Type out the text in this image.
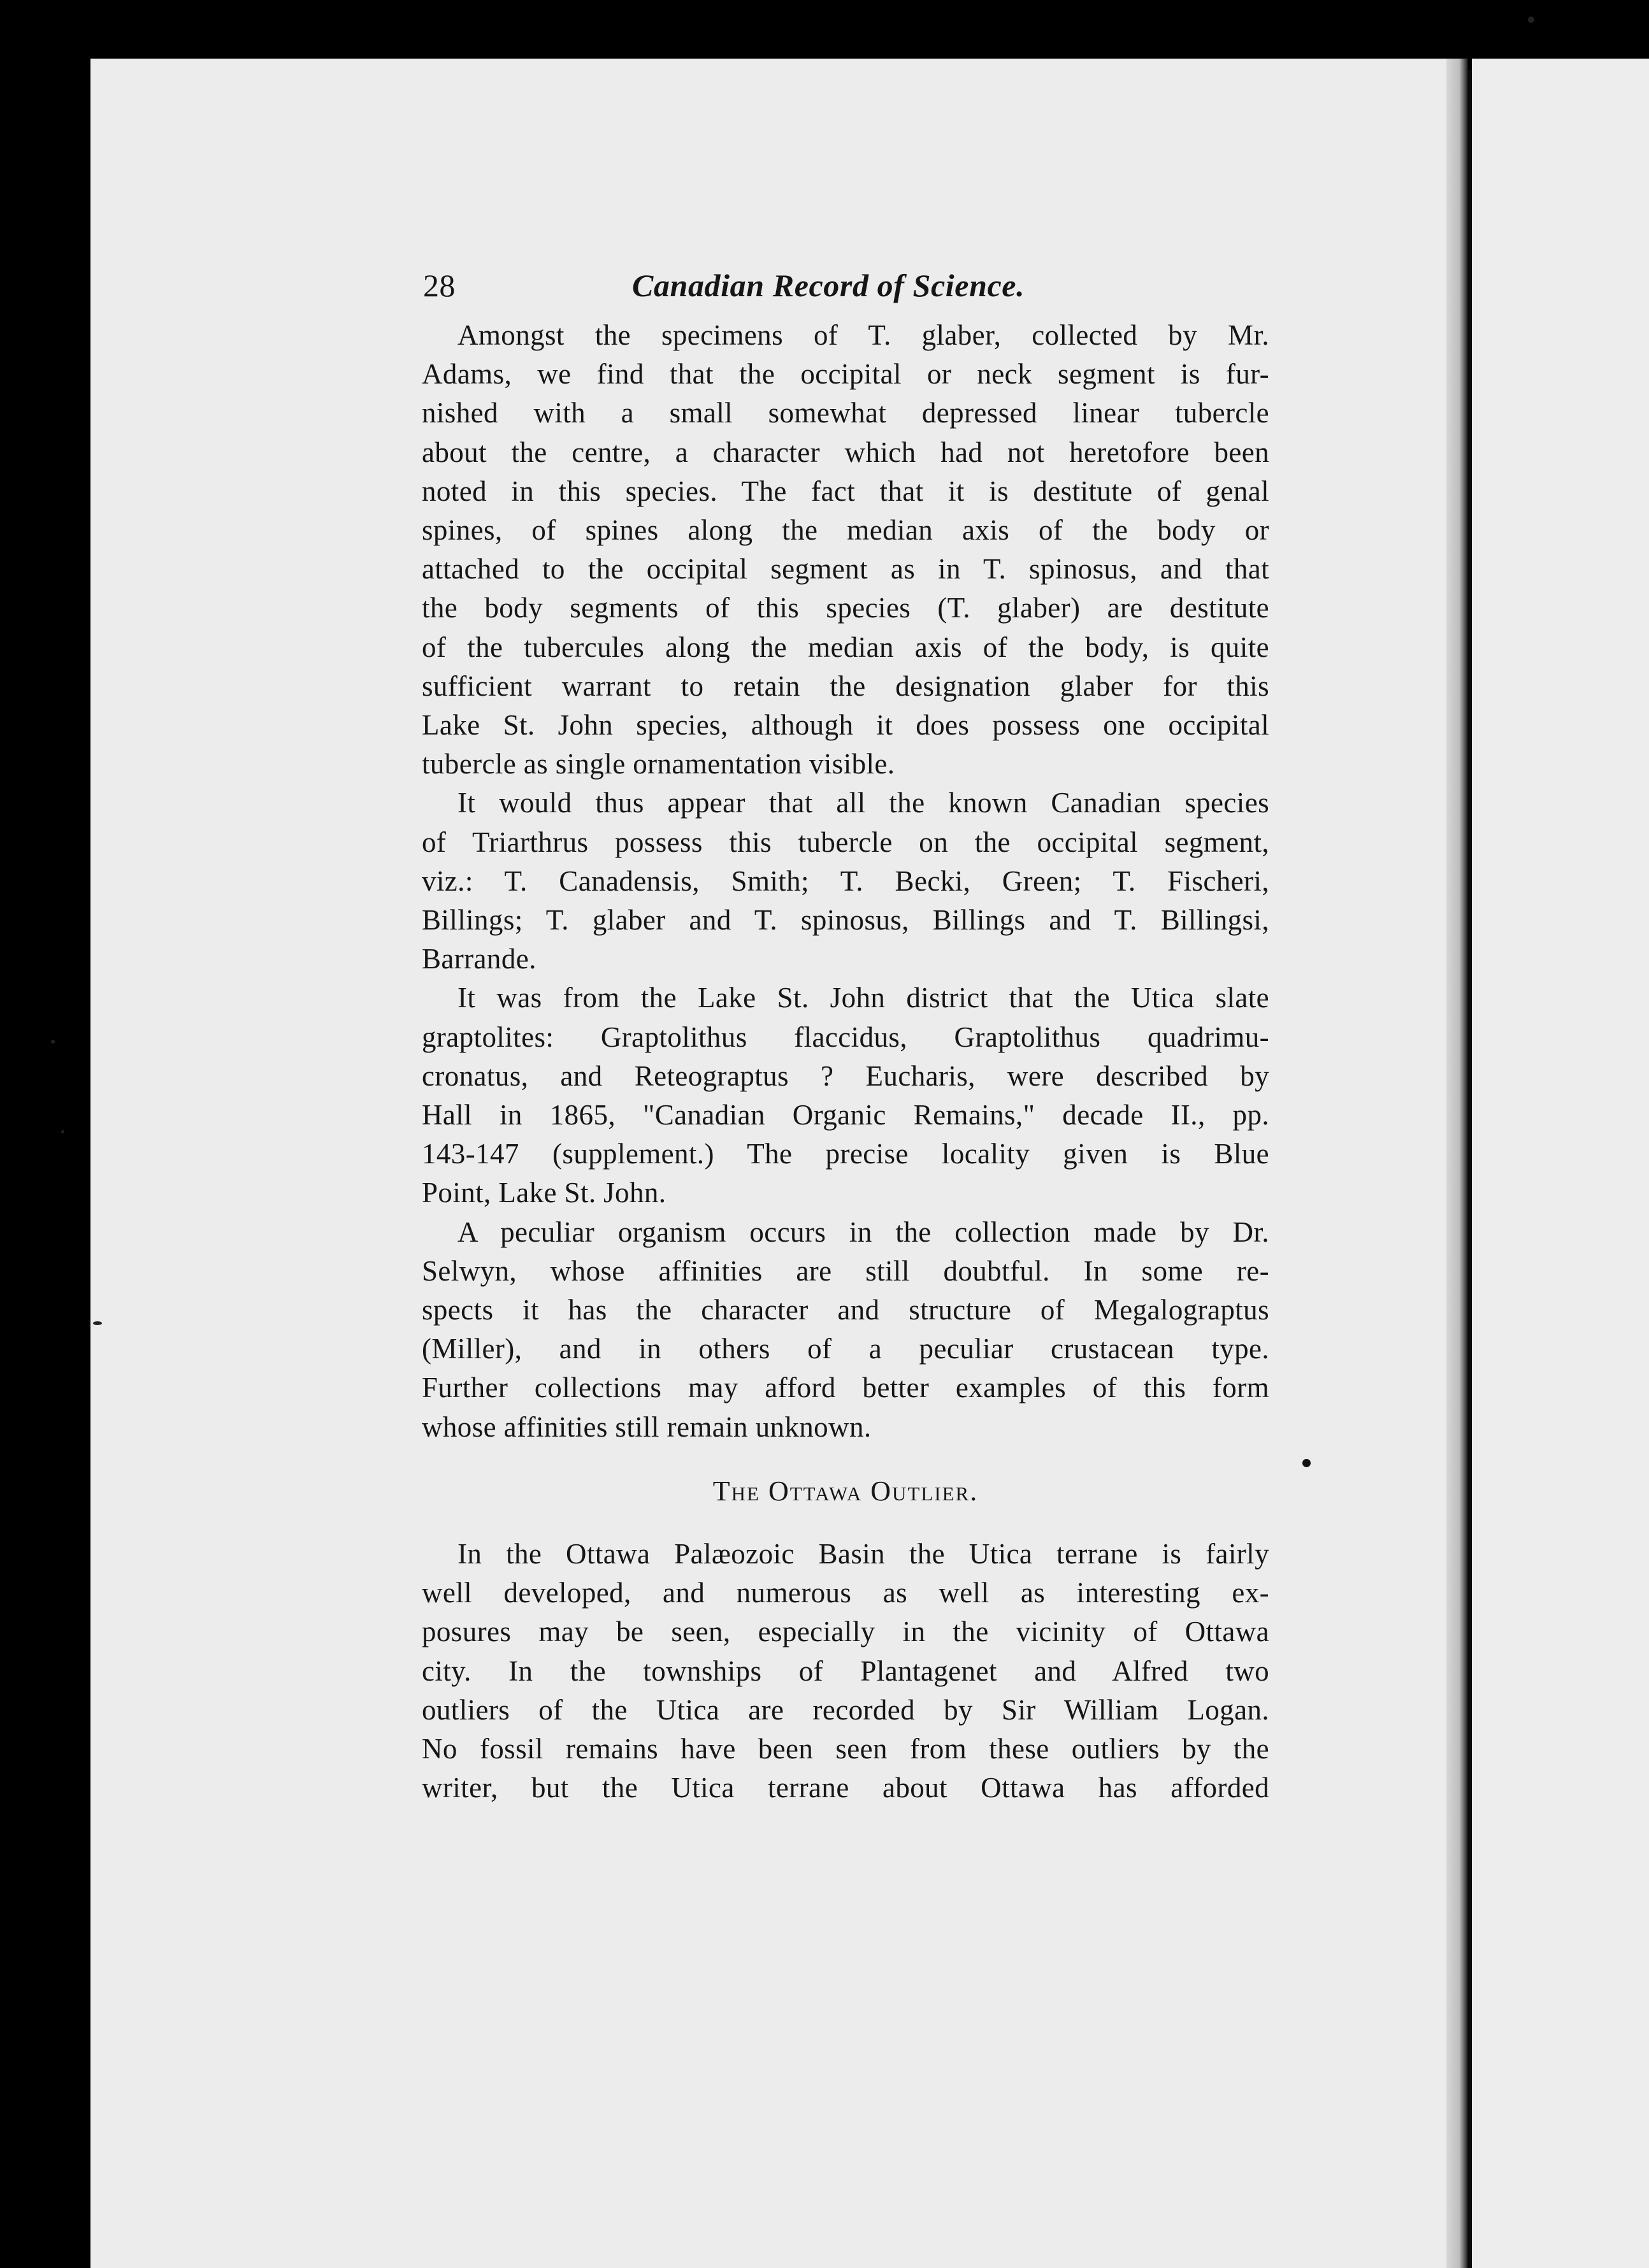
28	Canadian Record of Science.
Amongst the specimens of T. glaber, collected by Mr.
Adams, we find that the occipital or neck segment is fur-
nished with a small somewhat depressed linear tubercle
about the centre, a character which had not heretofore been
noted in this species. The fact that it is destitute of genal
spines, of spines along the median axis of the body or
attached to the occipital segment as in T. spinosus, and that
the body segments of this species (T. glaber) are destitute
of the tubercules along the median axis of the body, is quite
sufficient warrant to retain the designation glaber for this
Lake St. John species, although it does possess one occipital
tubercle as single ornamentation visible.
It would thus appear that all the known Canadian species
of Triarthrus possess this tubercle on the occipital segment,
viz.: T. Canadensis, Smith; T. Becki, Green; T. Fischeri,
Billings; T. glaber and T. spinosus, Billings and T. Billingsi,
Barrande.
It was from the Lake St. John district that the Utica slate
graptolites: Graptolithus flaccidus, Graptolithus quadrimu-
cronatus, and Reteograptus ? Eucharis, were described by
Hall in 1865, "Canadian Organic Remains," decade II., pp.
143-147 (supplement.) The precise locality given is Blue
Point, Lake St. John.
A peculiar organism occurs in the collection made by Dr.
Selwyn, whose affinities are still doubtful. In some re-
spects it has the character and structure of Megalograptus
(Miller), and in others of a peculiar crustacean type.
Further collections may afford better examples of this form
whose affinities still remain unknown.
The Ottawa Outlier.
In the Ottawa Palæozoic Basin the Utica terrane is fairly
well developed, and numerous as well as interesting ex-
posures may be seen, especially in the vicinity of Ottawa
city. In the townships of Plantagenet and Alfred two
outliers of the Utica are recorded by Sir William Logan.
No fossil remains have been seen from these outliers by the
writer, but the Utica terrane about Ottawa has afforded
